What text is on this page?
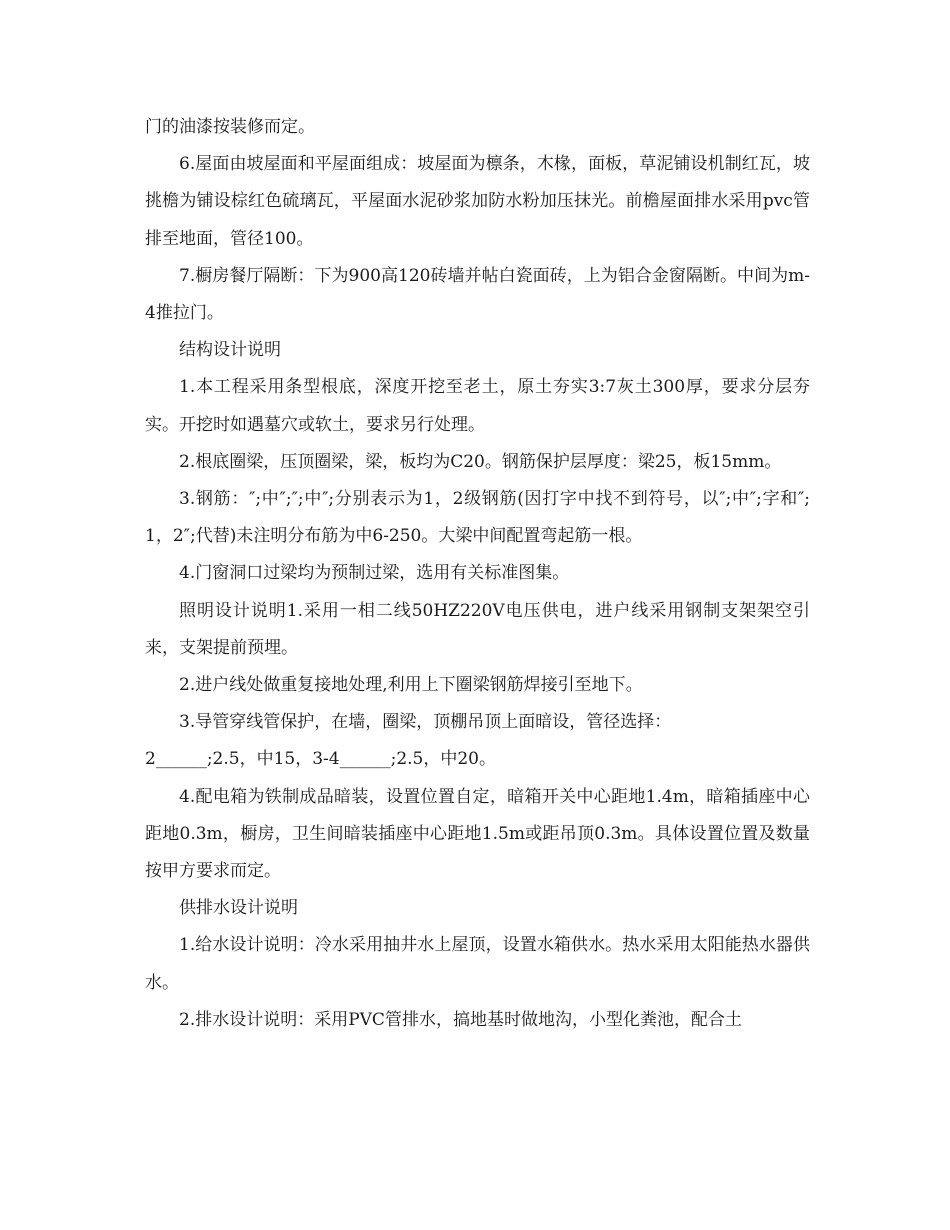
门的油漆按装修而定。

6.屋面由坡屋面和平屋面组成：坡屋面为檩条，木椽，面板，草泥铺设机制红瓦，坡挑檐为铺设棕红色硫璃瓦，平屋面水泥砂浆加防水粉加压抹光。前檐屋面排水采用pvc管排至地面，管径100。

7.橱房餐厅隔断：下为900高120砖墙并帖白瓷面砖，上为铝合金窗隔断。中间为m-4推拉门。

结构设计说明

1.本工程采用条型根底，深度开挖至老土，原土夯实3:7灰土300厚，要求分层夯实。开挖时如遇墓穴或软土，要求另行处理。

2.根底圈梁，压顶圈梁，梁，板均为C20。钢筋保护层厚度：梁25，板15mm。

3.钢筋：″;中″;″;中″;分别表示为1，2级钢筋(因打字中找不到符号，以″;中″;字和″;1，2″;代替)未注明分布筋为中6-250。大梁中间配置弯起筋一根。

4.门窗洞口过梁均为预制过梁，选用有关标准图集。

照明设计说明1.采用一相二线50HZ220V电压供电，进户线采用钢制支架架空引来，支架提前预埋。

2.进户线处做重复接地处理,利用上下圈梁钢筋焊接引至地下。

3.导管穿线管保护，在墙，圈梁，顶棚吊顶上面暗设，管径选择：

2______;2.5，中15，3-4______;2.5，中20。

4.配电箱为铁制成品暗装，设置位置自定，暗箱开关中心距地1.4m，暗箱插座中心距地0.3m，橱房，卫生间暗装插座中心距地1.5m或距吊顶0.3m。具体设置位置及数量按甲方要求而定。

供排水设计说明

1.给水设计说明：冷水采用抽井水上屋顶，设置水箱供水。热水采用太阳能热水器供水。

2.排水设计说明：采用PVC管排水，搞地基时做地沟，小型化粪池，配合土
